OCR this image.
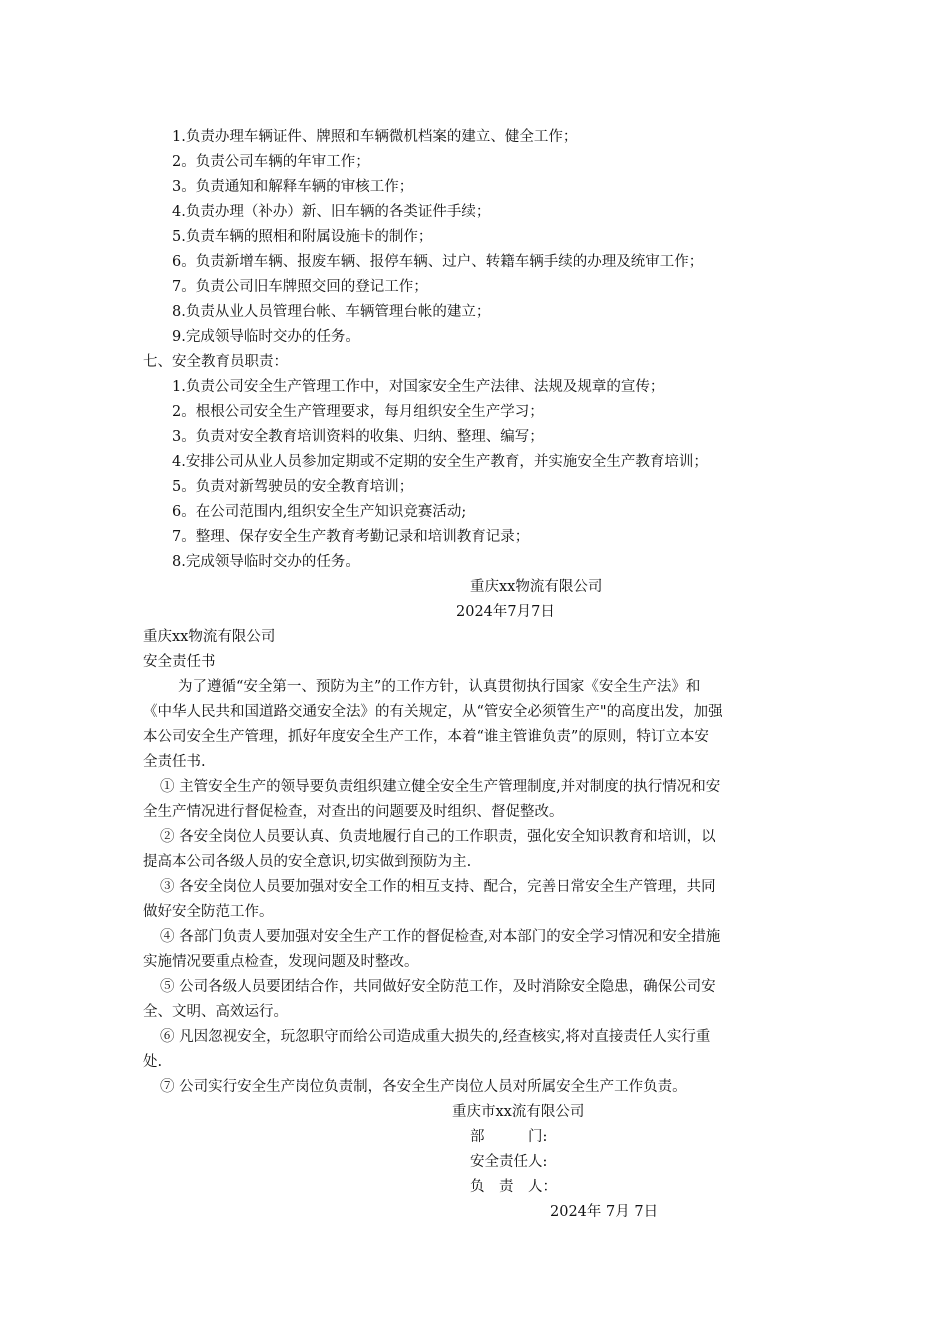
1.负责办理车辆证件、牌照和车辆微机档案的建立、健全工作；
2。负责公司车辆的年审工作；
3。负责通知和解释车辆的审核工作；
4.负责办理（补办）新、旧车辆的各类证件手续；
5.负责车辆的照相和附属设施卡的制作；
6。负责新增车辆、报废车辆、报停车辆、过户、转籍车辆手续的办理及统审工作；
7。负责公司旧车牌照交回的登记工作；
8.负责从业人员管理台帐、车辆管理台帐的建立；
9.完成领导临时交办的任务。
七、安全教育员职责：
1.负责公司安全生产管理工作中，对国家安全生产法律、法规及规章的宣传；
2。根根公司安全生产管理要求，每月组织安全生产学习；
3。负责对安全教育培训资料的收集、归纳、整理、编写；
4.安排公司从业人员参加定期或不定期的安全生产教育，并实施安全生产教育培训；
5。负责对新驾驶员的安全教育培训；
6。在公司范围内,组织安全生产知识竞赛活动;
7。整理、保存安全生产教育考勤记录和培训教育记录；
8.完成领导临时交办的任务。
重庆xx物流有限公司
2024年7月7日
重庆xx物流有限公司
安全责任书
为了遵循“安全第一、预防为主”的工作方针，认真贯彻执行国家《安全生产法》和
《中华人民共和国道路交通安全法》的有关规定，从“管安全必须管生产"的高度出发，加强
本公司安全生产管理，抓好年度安全生产工作，本着“谁主管谁负责”的原则，特订立本安
全责任书.
① 主管安全生产的领导要负责组织建立健全安全生产管理制度,并对制度的执行情况和安
全生产情况进行督促检查，对查出的问题要及时组织、督促整改。
② 各安全岗位人员要认真、负责地履行自己的工作职责，强化安全知识教育和培训，以
提高本公司各级人员的安全意识,切实做到预防为主.
③ 各安全岗位人员要加强对安全工作的相互支持、配合，完善日常安全生产管理，共同
做好安全防范工作。
④ 各部门负责人要加强对安全生产工作的督促检查,对本部门的安全学习情况和安全措施
实施情况要重点检查，发现问题及时整改。
⑤ 公司各级人员要团结合作，共同做好安全防范工作，及时消除安全隐患，确保公司安
全、文明、高效运行。
⑥ 凡因忽视安全，玩忽职守而给公司造成重大损失的,经查核实,将对直接责任人实行重
处.
⑦ 公司实行安全生产岗位负责制，各安全生产岗位人员对所属安全生产工作负责。
重庆市xx流有限公司
部　　　门:
安全责任人:
负　责　人：
2024年 7月 7日
